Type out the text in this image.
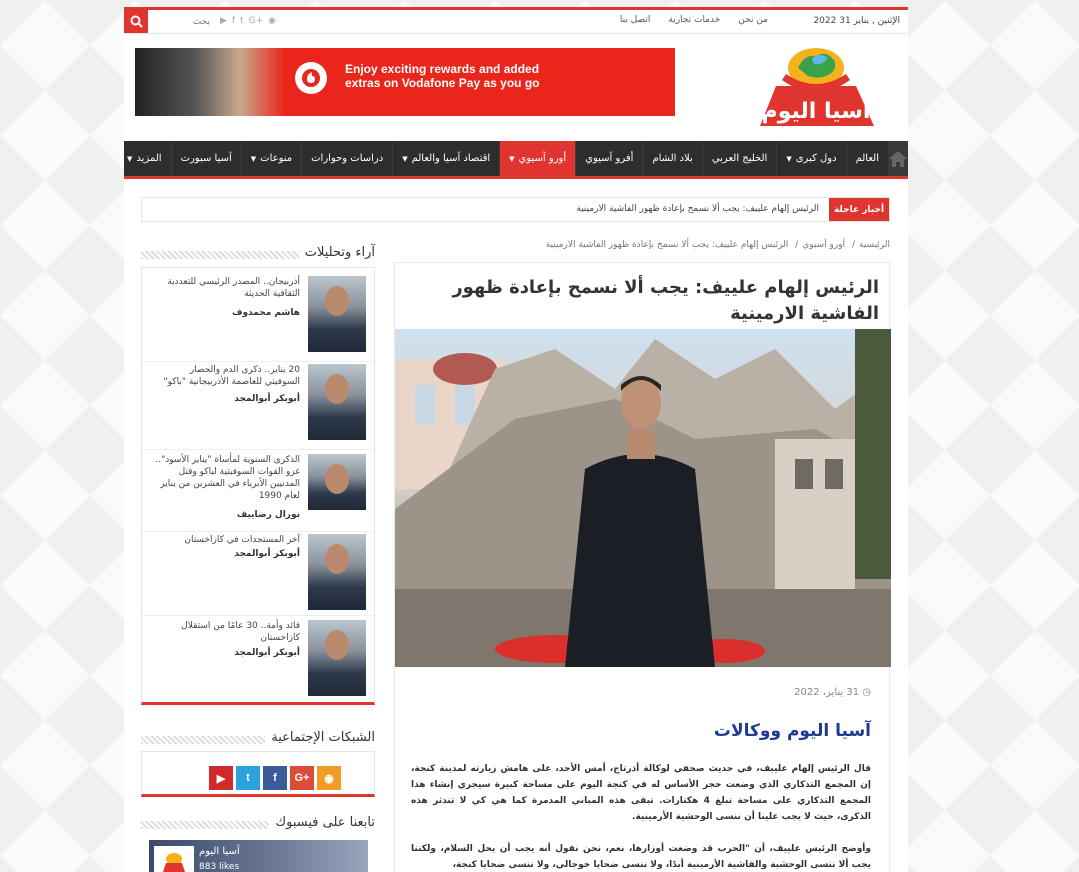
الإثنين , يناير 31 2022
من نحن
خدمات تجارية
اتصل بنا
بحث
▶ f t G+ ◉
آسيا اليوم
Enjoy exciting rewards and added
extras on Vodafone Pay as you go
العالم
دول كبرى
▼
الخليج العربي
بلاد الشام
أفرو آسيوي
أورو آسيوي
▼
اقتصاد آسيا والعالم
▼
دراسات وحوارات
منوعات
▼
آسيا سبورت
المزيد
▼
أخبار عاجلة
الرئيس إلهام علييف: يجب ألا نسمح بإعادة ظهور الفاشية الارمينية
الرئيسية/ أورو آسيوي/ الرئيس إلهام علييف: يجب ألا نسمح بإعادة ظهور الفاشية الارمينية
الرئيس إلهام علييف: يجب ألا نسمح بإعادة ظهور الفاشية الارمينية
◷ 31 يناير، 2022
آسيا اليوم ووكالات

قال الرئيس إلهام علييف، في حديث صحفي لوكالة أذرتاج، أمس الأحد، على هامش زيارته لمدينة كنجة، إن المجمع التذكاري الذي وضعت حجر الأساس له في كنجة اليوم على مساحة كبيرة سيجري إنشاء هذا المجمع التذكاري على مساحة تبلغ 4 هكتارات. تبقى هذه المباني المدمرة كما هي كي لا تندثر هذه الذكرى، حيث لا يجب علينا أن ننسى الوحشية الأرمينية.

وأوضح الرئيس علييف، أن "الحرب قد وضعت أوزارها، نعم، نحن نقول أنه يجب أن يحل السلام، ولكننا يجب ألا ننسى الوحشية والفاشية الأرمينية أبدًا، ولا ننسى ضحايا خوجالي، ولا ننسى ضحايا كنجة،

آراء وتحليلات
أذربيجان.. المصدر الرئيسي للتعددية الثقافية الحديثة
هاشم محمدوف
20 يناير.. ذكرى الدم والحصار السوفيتي للعاصمة الأذربيجانية "باكو"
أبوبكر أبوالمجد
الذكرى السنوية لمأساة "يناير الأسود".. غزو القوات السوفيتية لباكو وقتل المدنيين الأبرياء في العشرين من يناير لعام 1990
نورال رضاييف
آخر المستجدات في كازاخستان
أبوبكر أبوالمجد
قائد وأمة.. 30 عامًا من استقلال كازاخستان
أبوبكر أبوالمجد
الشبكات الإجتماعية
▶	t	f	G+	◉
تابعنا على فيسبوك
آسيا اليوم
883 likes
